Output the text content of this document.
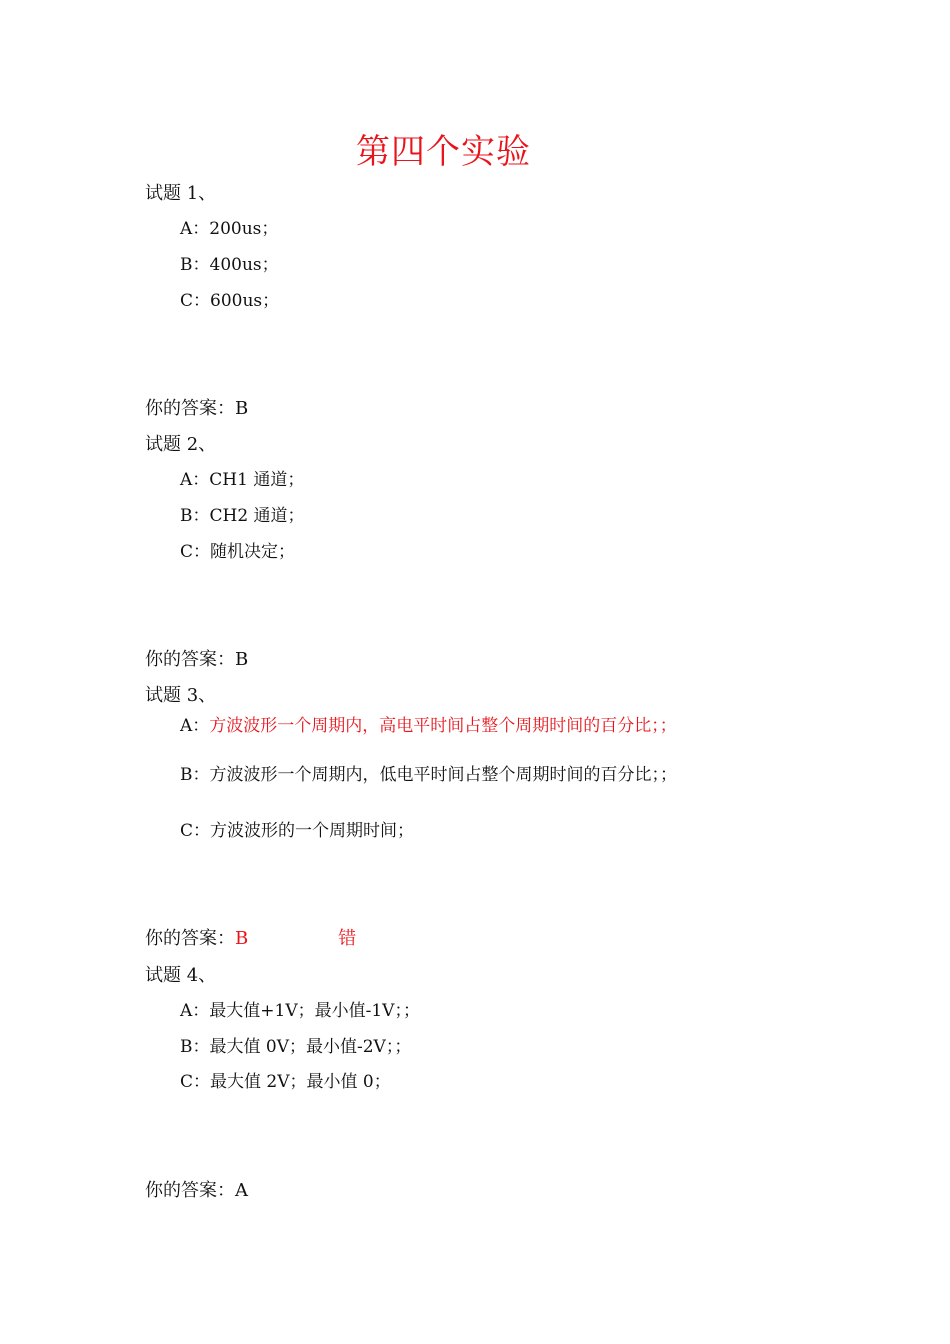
第四个实验
试题 1、
A：200us；
B：400us；
C：600us；
你的答案：B
试题 2、
A：CH1 通道；
B：CH2 通道；
C：随机决定；
你的答案：B
试题 3、
A：方波波形一个周期内，高电平时间占整个周期时间的百分比；；
B：方波波形一个周期内，低电平时间占整个周期时间的百分比；；
C：方波波形的一个周期时间；
你的答案：B	错
试题 4、
A：最大值+1V；最小值-1V；；
B：最大值 0V；最小值-2V；；
C：最大值 2V；最小值 0；
你的答案：A
